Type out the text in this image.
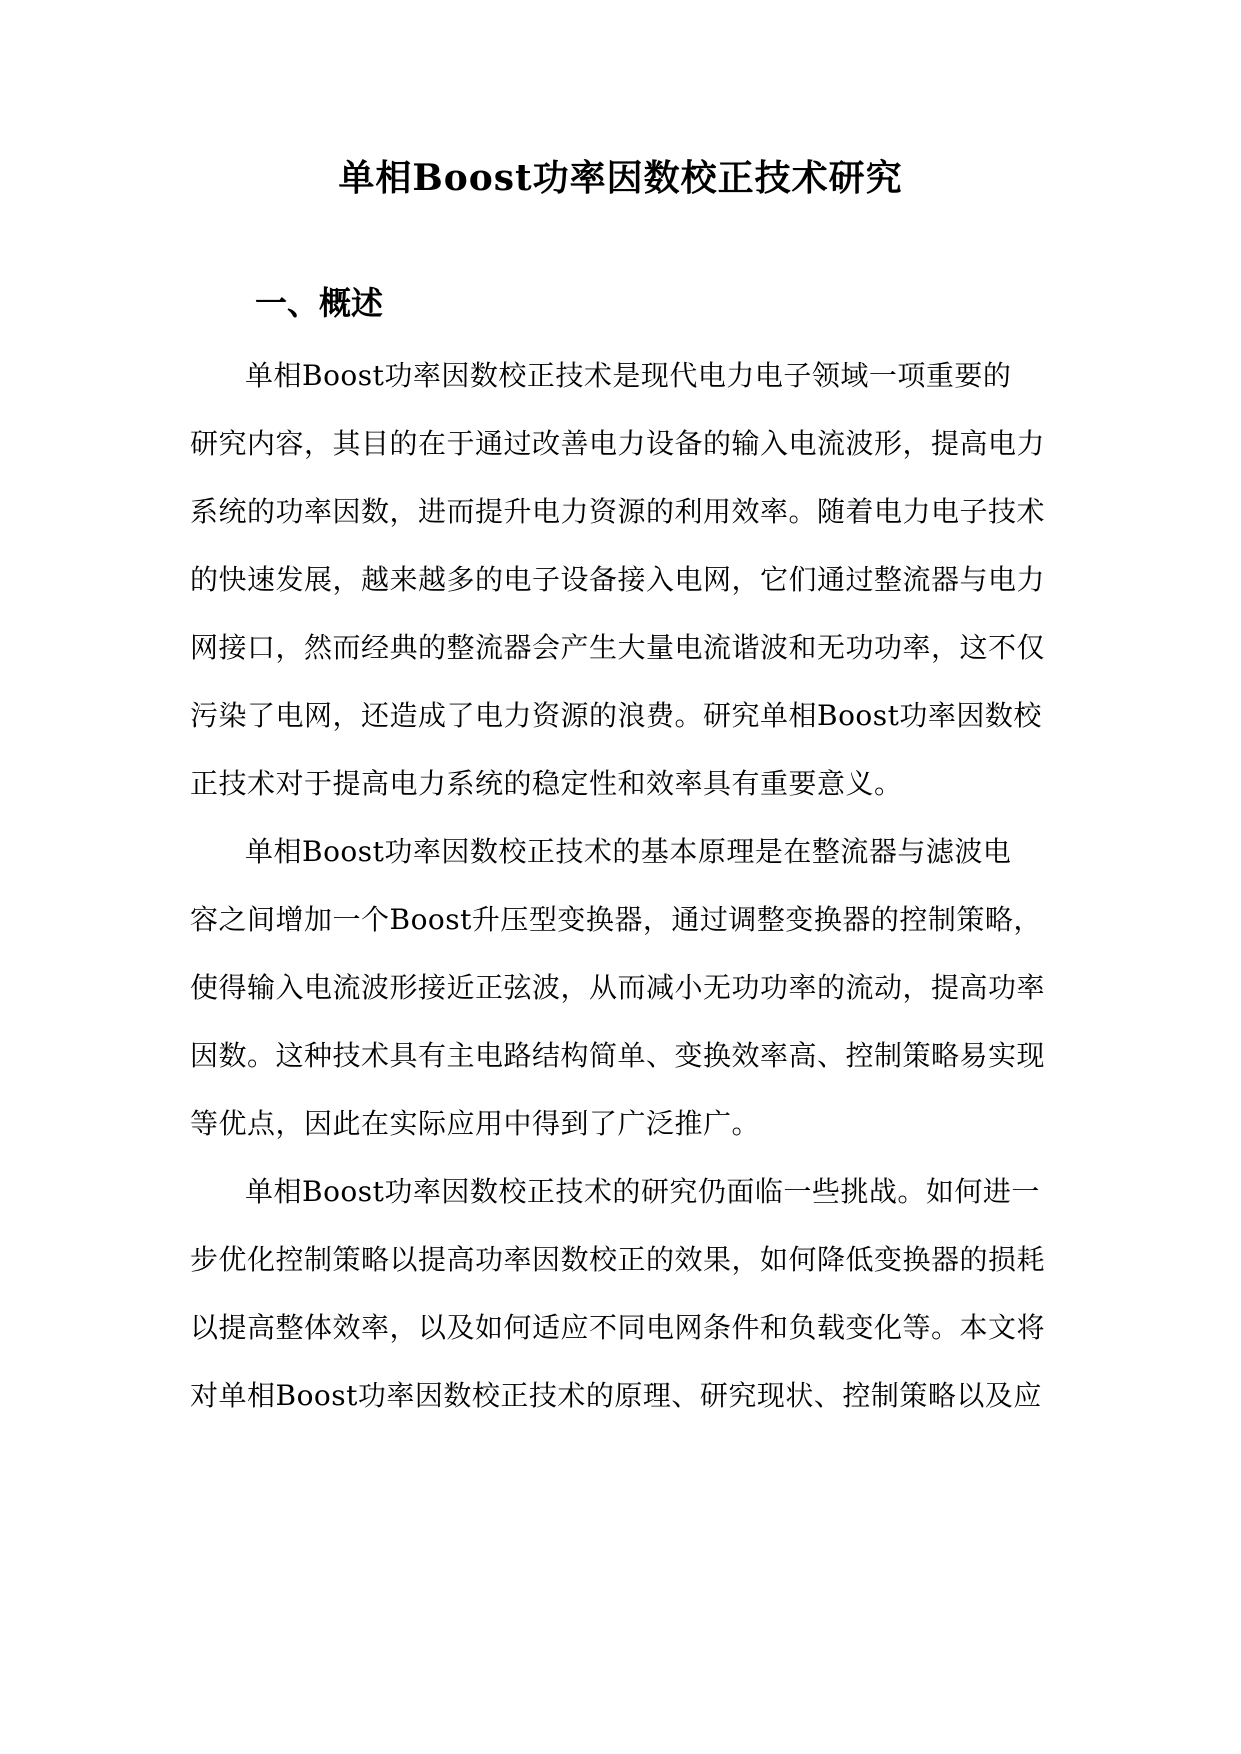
单相Boost功率因数校正技术研究
一、概述
单相Boost功率因数校正技术是现代电力电子领域一项重要的
研究内容，其目的在于通过改善电力设备的输入电流波形，提高电力
系统的功率因数，进而提升电力资源的利用效率。随着电力电子技术
的快速发展，越来越多的电子设备接入电网，它们通过整流器与电力
网接口，然而经典的整流器会产生大量电流谐波和无功功率，这不仅
污染了电网，还造成了电力资源的浪费。研究单相Boost功率因数校
正技术对于提高电力系统的稳定性和效率具有重要意义。
单相Boost功率因数校正技术的基本原理是在整流器与滤波电
容之间增加一个Boost升压型变换器，通过调整变换器的控制策略，
使得输入电流波形接近正弦波，从而减小无功功率的流动，提高功率
因数。这种技术具有主电路结构简单、变换效率高、控制策略易实现
等优点，因此在实际应用中得到了广泛推广。
单相Boost功率因数校正技术的研究仍面临一些挑战。如何进一
步优化控制策略以提高功率因数校正的效果，如何降低变换器的损耗
以提高整体效率，以及如何适应不同电网条件和负载变化等。本文将
对单相Boost功率因数校正技术的原理、研究现状、控制策略以及应
